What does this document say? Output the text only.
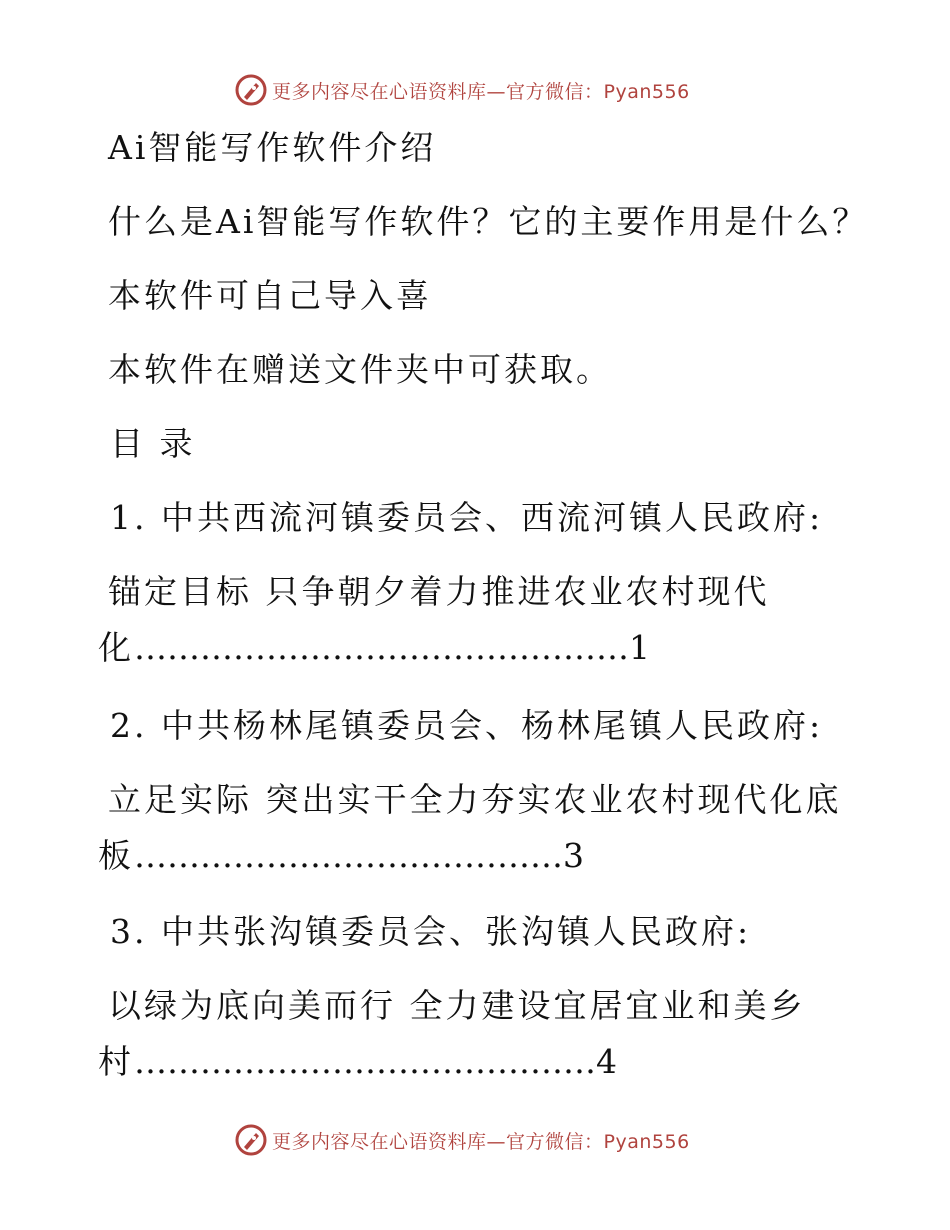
更多内容尽在心语资料库—官方微信：Pyan556
Ai智能写作软件介绍
什么是Ai智能写作软件？它的主要作用是什么？
本软件可自己导入喜
本软件在赠送文件夹中可获取。
目 录
1. 中共西流河镇委员会、西流河镇人民政府:
锚定目标 只争朝夕着力推进农业农村现代
化………………………………………1
2. 中共杨林尾镇委员会、杨林尾镇人民政府:
立足实际 突出实干全力夯实农业农村现代化底
板…………………………………3
3. 中共张沟镇委员会、张沟镇人民政府:
以绿为底向美而行 全力建设宜居宜业和美乡
村……………………………………4
更多内容尽在心语资料库—官方微信：Pyan556
